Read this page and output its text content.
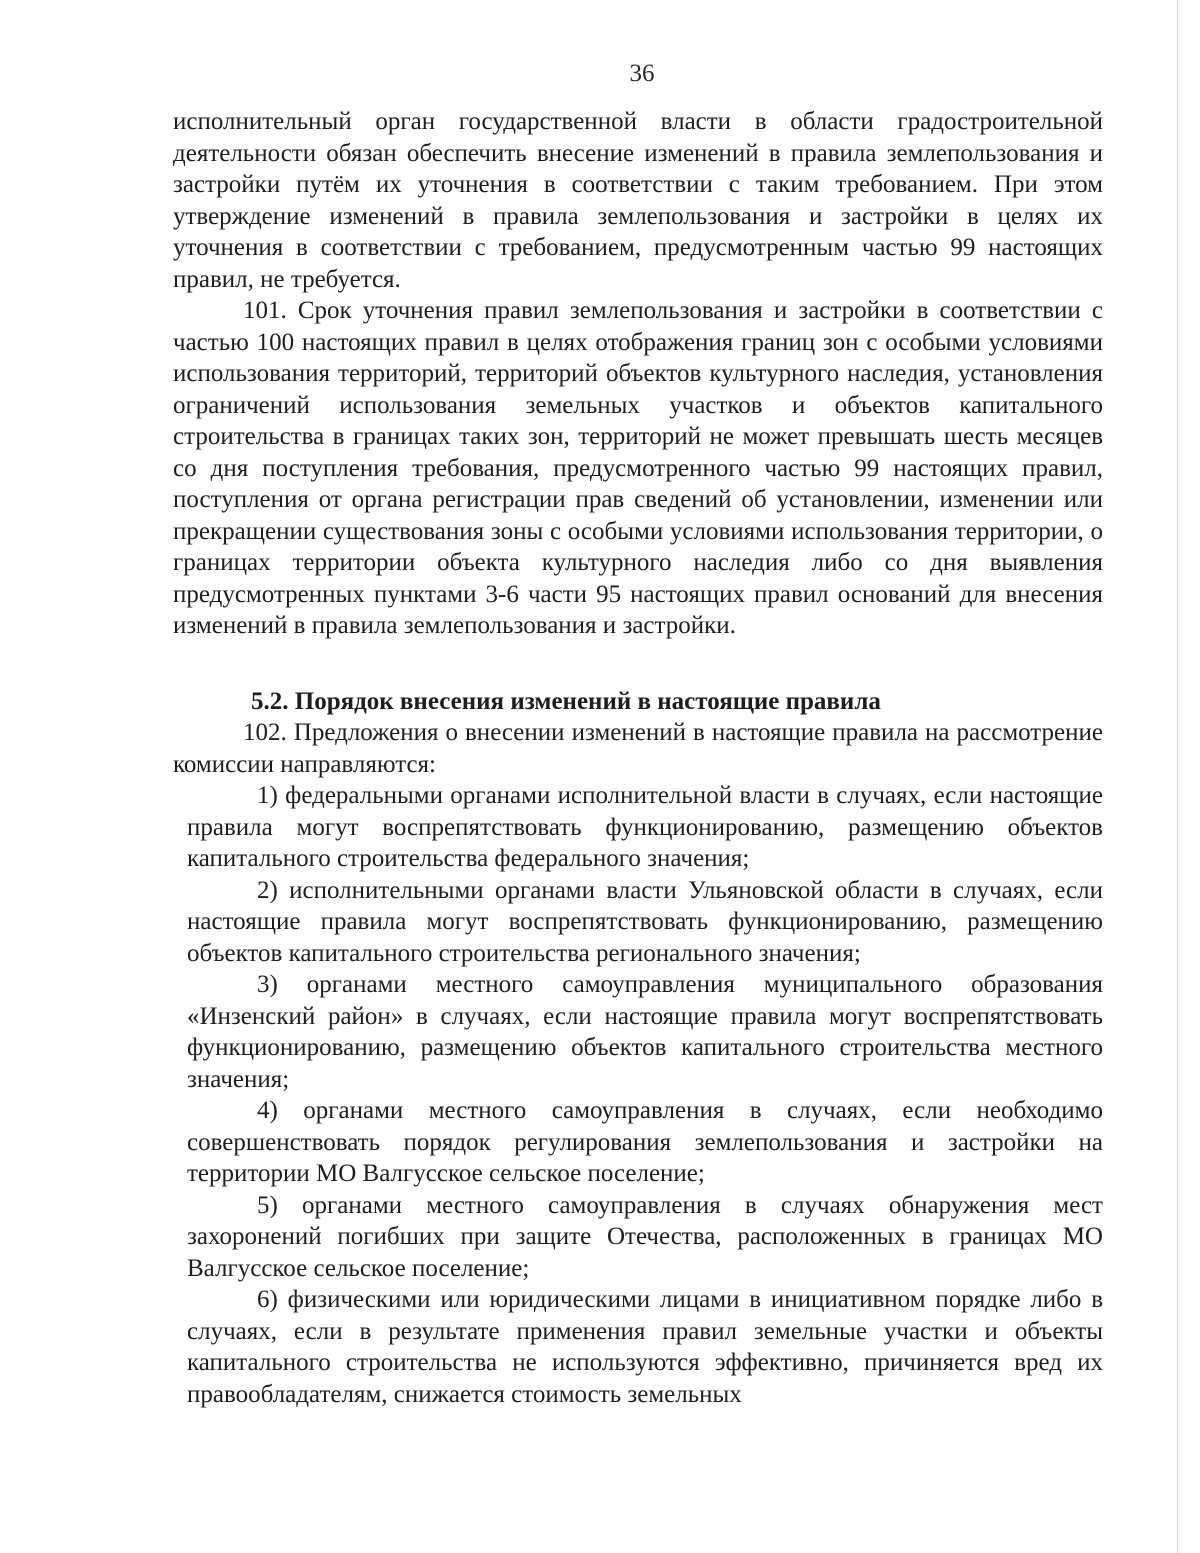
36

исполнительный орган государственной власти в области градостроительной деятельности обязан обеспечить внесение изменений в правила землепользования и застройки путём их уточнения в соответствии с таким требованием. При этом утверждение изменений в правила землепользования и застройки в целях их уточнения в соответствии с требованием, предусмотренным частью 99 настоящих правил, не требуется.

101. Срок уточнения правил землепользования и застройки в соответствии с частью 100 настоящих правил в целях отображения границ зон с особыми условиями использования территорий, территорий объектов культурного наследия, установления ограничений использования земельных участков и объектов капитального строительства в границах таких зон, территорий не может превышать шесть месяцев со дня поступления требования, предусмотренного частью 99 настоящих правил, поступления от органа регистрации прав сведений об установлении, изменении или прекращении существования зоны с особыми условиями использования территории, о границах территории объекта культурного наследия либо со дня выявления предусмотренных пунктами 3-6 части 95 настоящих правил оснований для внесения изменений в правила землепользования и застройки.

5.2. Порядок внесения изменений в настоящие правила

102. Предложения о внесении изменений в настоящие правила на рассмотрение комиссии направляются:

1) федеральными органами исполнительной власти в случаях, если настоящие правила могут воспрепятствовать функционированию, размещению объектов капитального строительства федерального значения;

2) исполнительными органами власти Ульяновской области в случаях, если настоящие правила могут воспрепятствовать функционированию, размещению объектов капитального строительства регионального значения;

3) органами местного самоуправления муниципального образования «Инзенский район» в случаях, если настоящие правила могут воспрепятствовать функционированию, размещению объектов капитального строительства местного значения;

4) органами местного самоуправления в случаях, если необходимо совершенствовать порядок регулирования землепользования и застройки на территории МО Валгусское сельское поселение;

5) органами местного самоуправления в случаях обнаружения мест захоронений погибших при защите Отечества, расположенных в границах МО Валгусское сельское поселение;

6) физическими или юридическими лицами в инициативном порядке либо в случаях, если в результате применения правил земельные участки и объекты капитального строительства не используются эффективно, причиняется вред их правообладателям, снижается стоимость земельных
